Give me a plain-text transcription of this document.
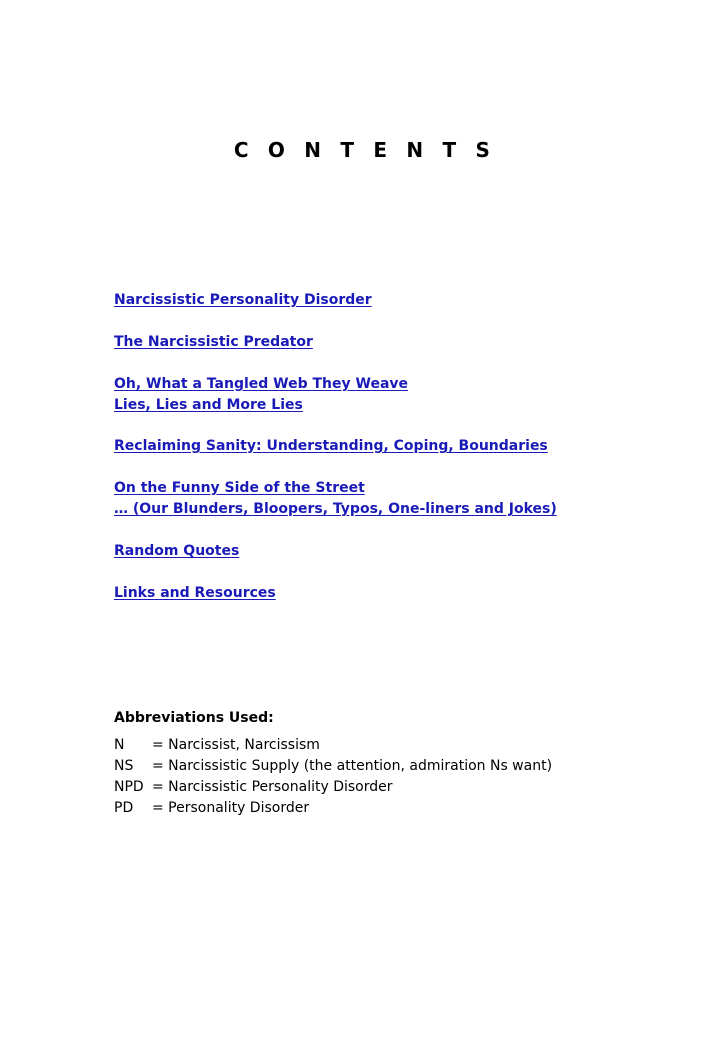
C O N T E N T S
Narcissistic Personality Disorder
The Narcissistic Predator
Oh, What a Tangled Web They Weave
Lies, Lies and More Lies
Reclaiming Sanity: Understanding, Coping, Boundaries
On the Funny Side of the Street
… (Our Blunders, Bloopers, Typos, One-liners and Jokes)
Random Quotes
Links and Resources
Abbreviations Used:
N	= Narcissist, Narcissism
NS	= Narcissistic Supply (the attention, admiration Ns want)
NPD = Narcissistic Personality Disorder
PD	= Personality Disorder
